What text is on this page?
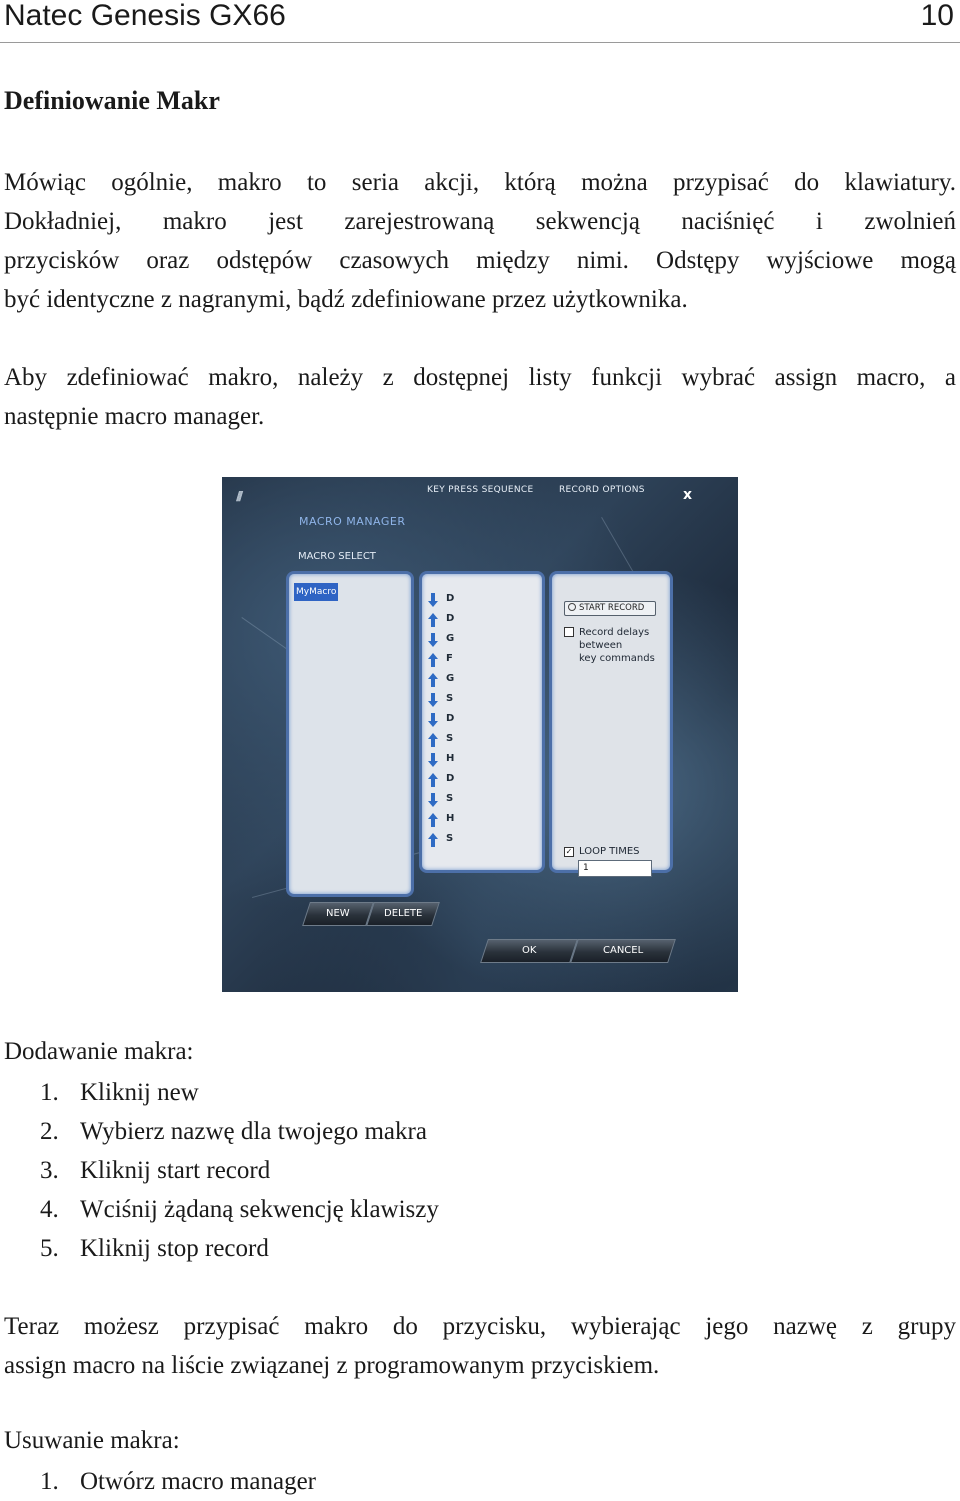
Natec Genesis GX66	10
Definiowanie Makr
Mówiąc ogólnie, makro to seria akcji, którą można przypisać do klawiatury.
Dokładniej, makro jest zarejestrowaną sekwencją naciśnięć i zwolnień
przycisków oraz odstępów czasowych między nimi. Odstępy wyjściowe mogą
być identyczne z nagranymi, bądź zdefiniowane przez użytkownika.
Aby zdefiniować makro, należy z dostępnej listy funkcji wybrać assign macro, a
następnie macro manager.
////	x
MACRO MANAGER
MACRO SELECT
MyMacro
KEY PRESS SEQUENCE
D
D
G
F
G
S
D
S
H
D
S
H
S
RECORD OPTIONS
START RECORD
Record delays
between
key commands
✓ LOOP TIMES
1
NEW	DELETE
OK	CANCEL
Dodawanie makra:
1. Kliknij new
2. Wybierz nazwę dla twojego makra
3. Kliknij start record
4. Wciśnij żądaną sekwencję klawiszy
5. Kliknij stop record
Teraz możesz przypisać makro do przycisku, wybierając jego nazwę z grupy
assign macro na liście związanej z programowanym przyciskiem.
Usuwanie makra:
1. Otwórz macro manager
